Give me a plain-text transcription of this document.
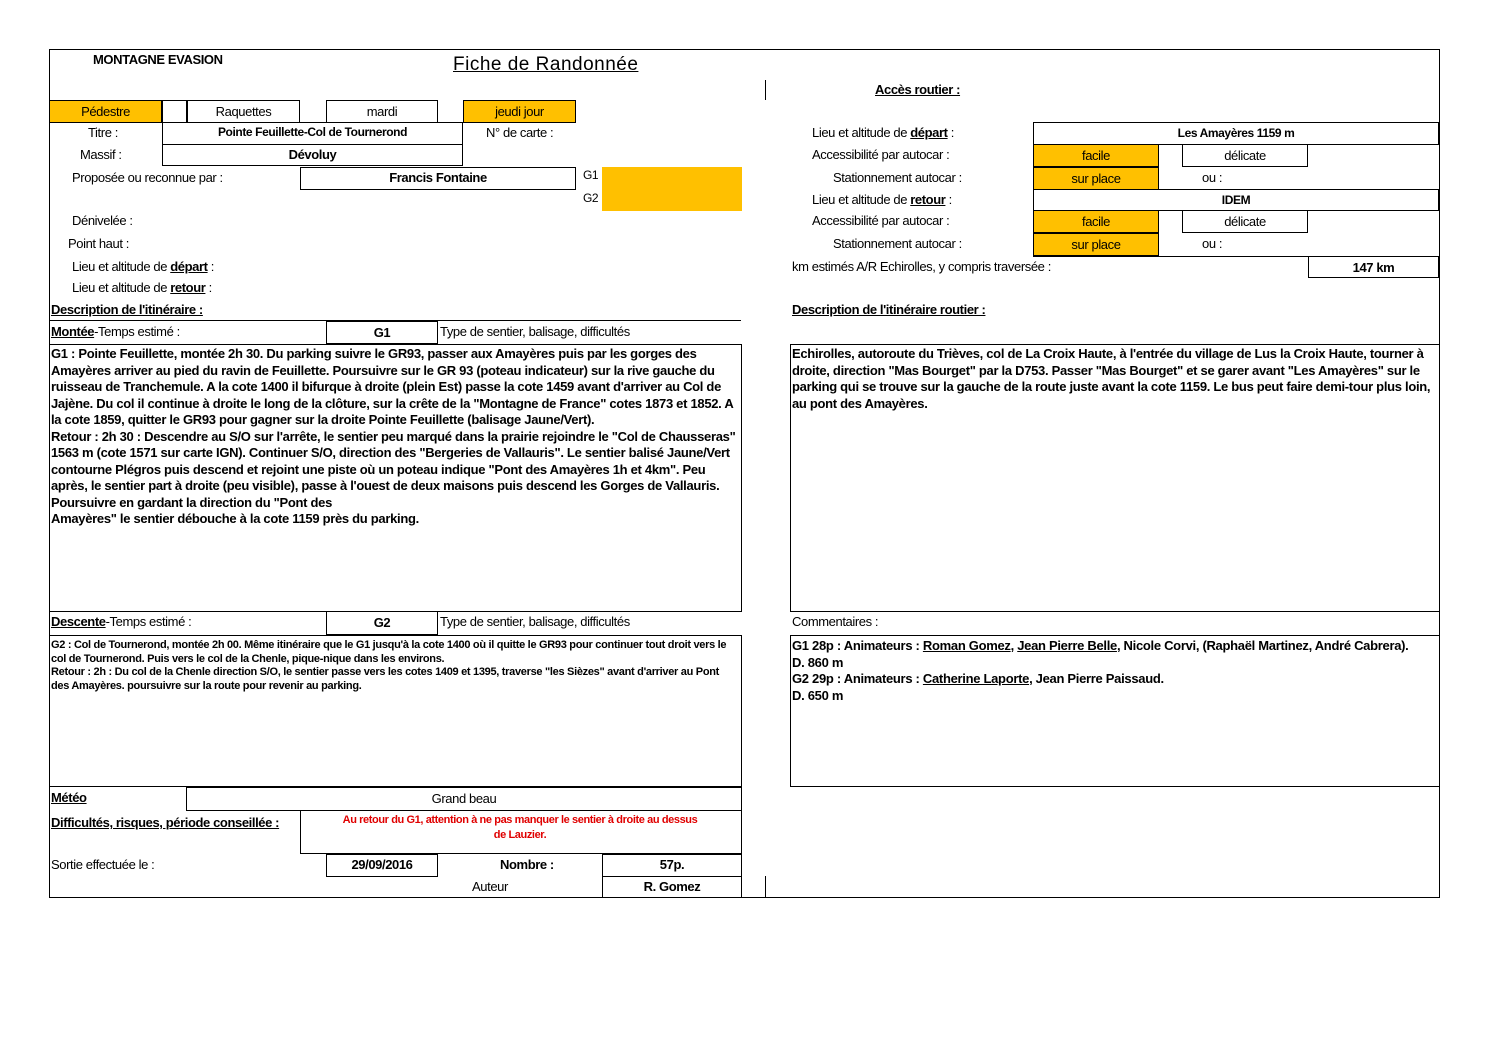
MONTAGNE EVASION	Fiche de Randonnée
Accès routier :
Pédestre	Raquettes	mardi	jeudi jour
Titre :	Pointe Feuillette-Col de Tournerond	N° de carte :
Massif :	Dévoluy
Proposée ou reconnue par :	Francis Fontaine	G1
G2
Dénivelée :
Point haut :
Lieu et altitude de départ :
Lieu et altitude de retour :
Description de l'itinéraire :
Montée-Temps estimé :	G1	Type de sentier, balisage, difficultés
G1 : Pointe Feuillette, montée 2h 30. Du parking suivre le GR93, passer aux Amayères puis par les gorges des Amayères arriver au pied du ravin de Feuillette. Poursuivre sur le GR 93 (poteau indicateur) sur la rive gauche du ruisseau de Tranchemule. A la cote 1400 il bifurque à droite (plein Est) passe la cote 1459 avant d'arriver au Col de Jajène. Du col il continue à droite le long de la clôture, sur la crête de la "Montagne de France" cotes 1873 et 1852. A la cote 1859, quitter le GR93 pour gagner sur la droite Pointe Feuillette (balisage Jaune/Vert).
Retour : 2h 30 : Descendre au S/O sur l'arrête, le sentier peu marqué dans la prairie rejoindre le "Col de Chausseras" 1563 m (cote 1571 sur carte IGN). Continuer S/O, direction des "Bergeries de Vallauris". Le sentier balisé Jaune/Vert contourne Plégros puis descend et rejoint une piste où un poteau indique "Pont des Amayères 1h et 4km". Peu après, le sentier part à droite (peu visible), passe à l'ouest de deux maisons puis descend les Gorges de Vallauris. Poursuivre en gardant la direction du "Pont des
Amayères" le sentier débouche à la cote 1159 près du parking.
Descente-Temps estimé :	G2	Type de sentier, balisage, difficultés
G2 : Col de Tournerond, montée 2h 00. Même itinéraire que le G1 jusqu'à la cote 1400 où il quitte le GR93 pour continuer tout droit vers le col de Tournerond. Puis vers le col de la Chenle, pique-nique dans les environs.
Retour : 2h : Du col de la Chenle direction S/O, le sentier passe vers les cotes 1409 et 1395, traverse "les Sièzes" avant d'arriver au Pont des Amayères. poursuivre sur la route pour revenir au parking.
Météo	Grand beau
Difficultés, risques, période conseillée :	Au retour du G1, attention à ne pas manquer le sentier à droite au dessus de Lauzier.
Sortie effectuée le :	29/09/2016	Nombre :	57p.
Auteur	R. Gomez
Lieu et altitude de départ :	Les Amayères 1159 m
Accessibilité par autocar :	facile	délicate
Stationnement autocar :	sur place	ou :
Lieu et altitude de retour :	IDEM
Accessibilité par autocar :	facile	délicate
Stationnement autocar :	sur place	ou :
km estimés A/R Echirolles, y compris traversée :	147 km
Description de l'itinéraire routier :
Echirolles, autoroute du Trièves, col de La Croix Haute, à l'entrée du village de Lus la Croix Haute, tourner à droite, direction "Mas Bourget" par la D753. Passer "Mas Bourget" et se garer avant "Les Amayères" sur le parking qui se trouve sur la gauche de la route juste avant la cote 1159. Le bus peut faire demi-tour plus loin, au pont des Amayères.
Commentaires :
G1 28p : Animateurs : Roman Gomez, Jean Pierre Belle, Nicole Corvi, (Raphaël Martinez, André Cabrera).
D. 860 m
G2 29p : Animateurs : Catherine Laporte, Jean Pierre Paissaud.
D. 650 m
